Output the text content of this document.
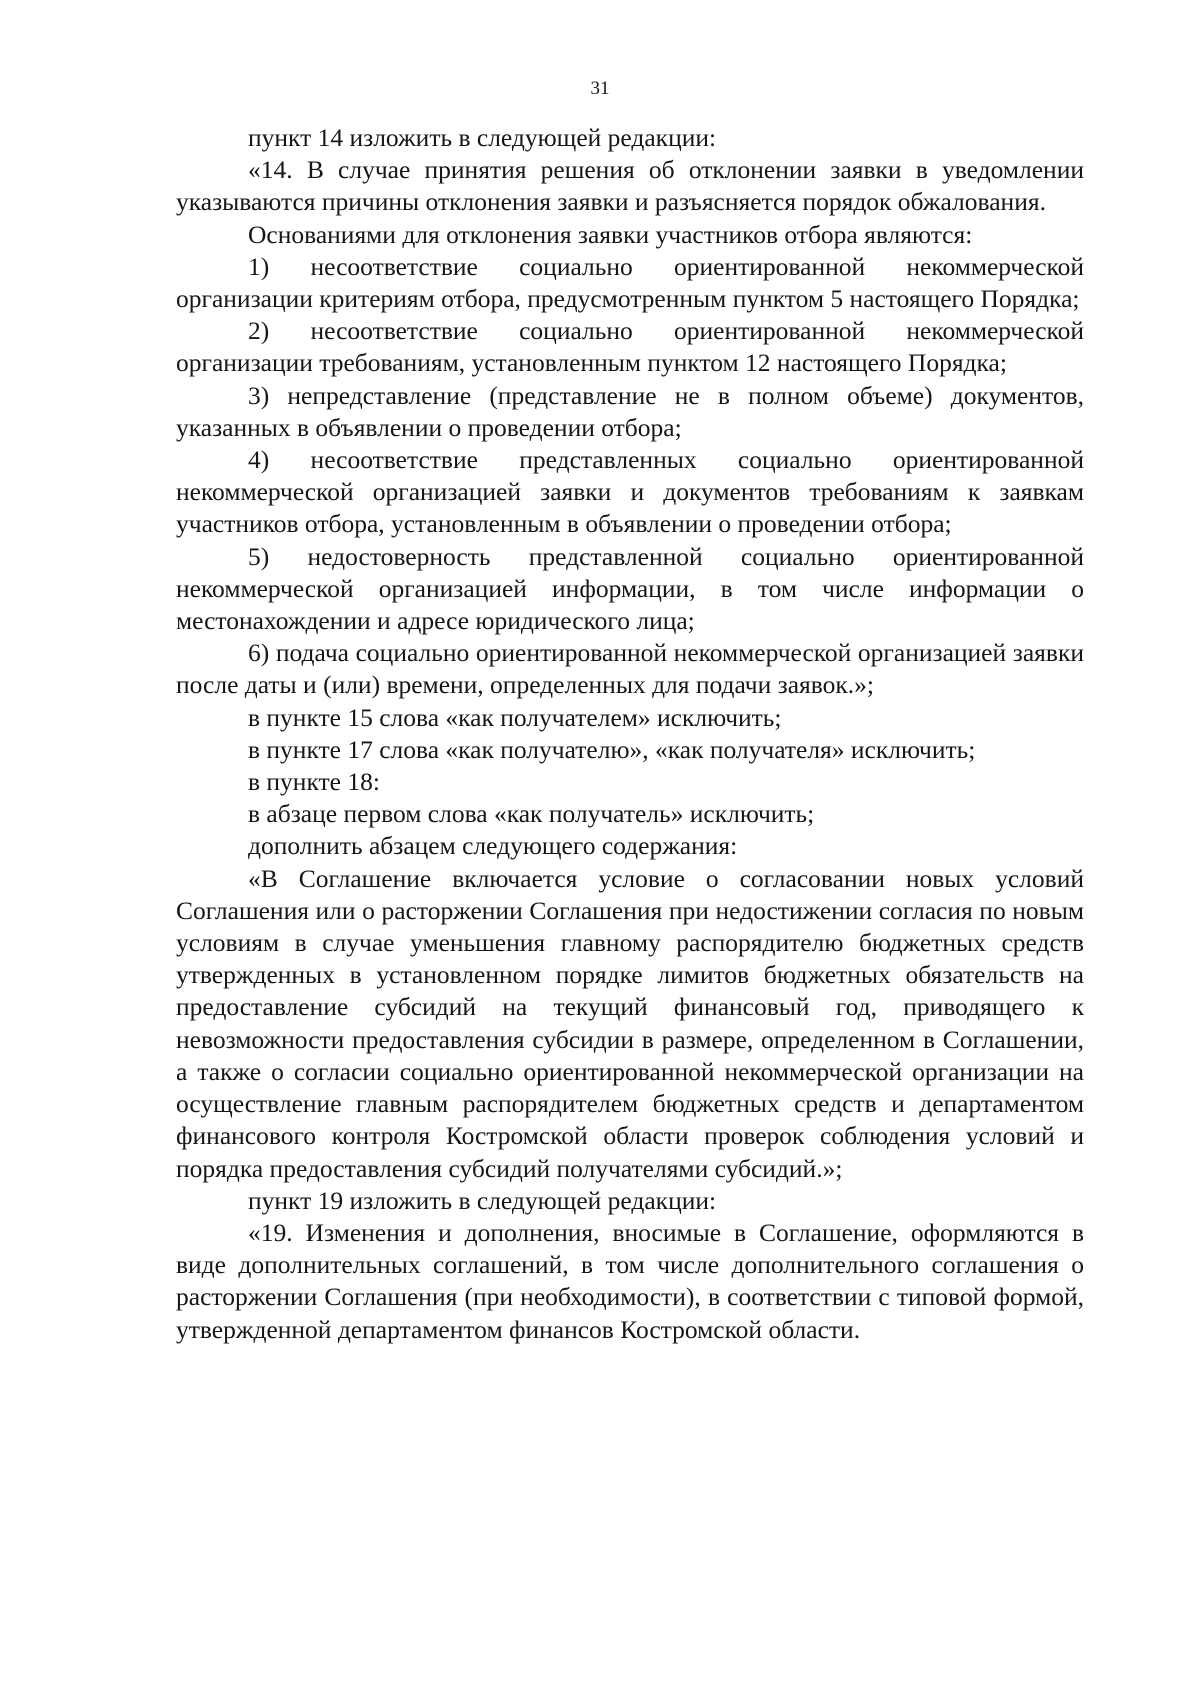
31

пункт 14 изложить в следующей редакции:

«14. В случае принятия решения об отклонении заявки в уведомлении указываются причины отклонения заявки и разъясняется порядок обжалования.

Основаниями для отклонения заявки участников отбора являются:

1) несоответствие социально ориентированной некоммерческой организации критериям отбора, предусмотренным пунктом 5 настоящего Порядка;

2) несоответствие социально ориентированной некоммерческой организации требованиям, установленным пунктом 12 настоящего Порядка;

3) непредставление (представление не в полном объеме) документов, указанных в объявлении о проведении отбора;

4) несоответствие представленных социально ориентированной некоммерческой организацией заявки и документов требованиям к заявкам участников отбора, установленным в объявлении о проведении отбора;

5) недостоверность представленной социально ориентированной некоммерческой организацией информации, в том числе информации о местонахождении и адресе юридического лица;

6) подача социально ориентированной некоммерческой организацией заявки после даты и (или) времени, определенных для подачи заявок.»;

в пункте 15 слова «как получателем» исключить;

в пункте 17 слова «как получателю», «как получателя» исключить;

в пункте 18:

в абзаце первом слова «как получатель» исключить;

дополнить абзацем следующего содержания:

«В Соглашение включается условие о согласовании новых условий Соглашения или о расторжении Соглашения при недостижении согласия по новым условиям в случае уменьшения главному распорядителю бюджетных средств утвержденных в установленном порядке лимитов бюджетных обязательств на предоставление субсидий на текущий финансовый год, приводящего к невозможности предоставления субсидии в размере, определенном в Соглашении, а также о согласии социально ориентированной некоммерческой организации на осуществление главным распорядителем бюджетных средств и департаментом финансового контроля Костромской области проверок соблюдения условий и порядка предоставления субсидий получателями субсидий.»;

пункт 19 изложить в следующей редакции:

«19. Изменения и дополнения, вносимые в Соглашение, оформляются в виде дополнительных соглашений, в том числе дополнительного соглашения о расторжении Соглашения (при необходимости), в соответствии с типовой формой, утвержденной департаментом финансов Костромской области.
